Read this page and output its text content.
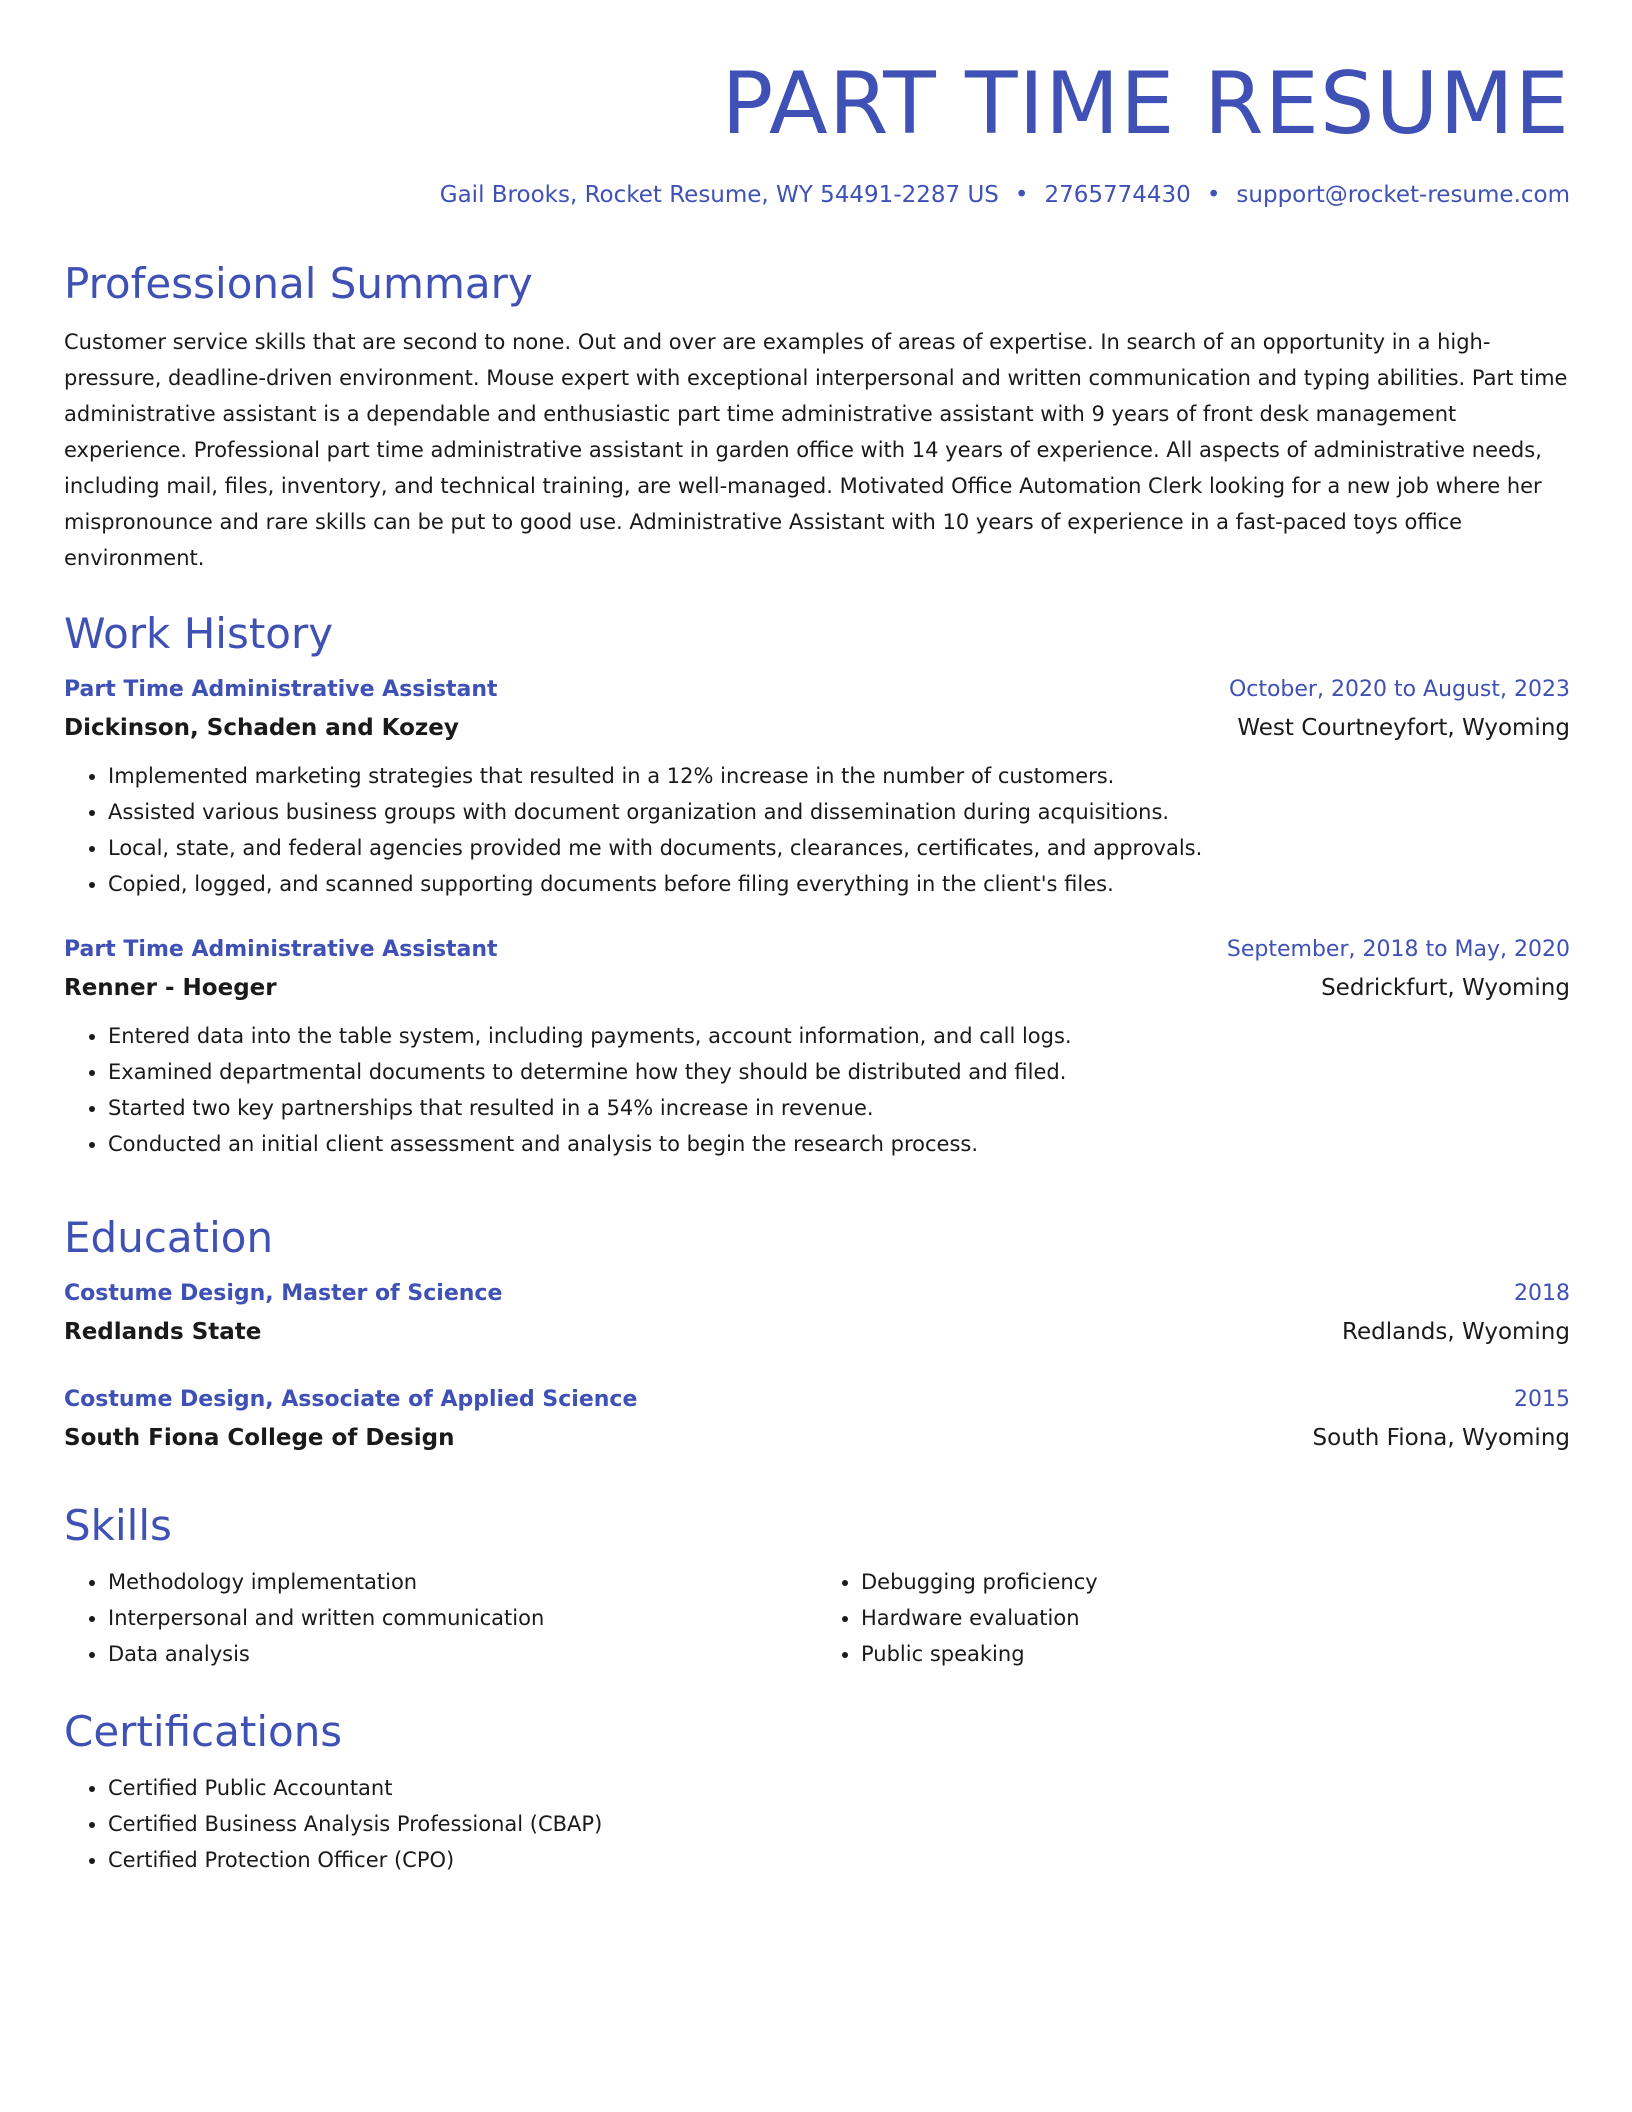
PART TIME RESUME
Gail Brooks, Rocket Resume, WY 54491-2287 US • 2765774430 • support@rocket-resume.com
Professional Summary

Customer service skills that are second to none. Out and over are examples of areas of expertise. In search of an opportunity in a high-pressure, deadline-driven environment. Mouse expert with exceptional interpersonal and written communication and typing abilities. Part time administrative assistant is a dependable and enthusiastic part time administrative assistant with 9 years of front desk management experience. Professional part time administrative assistant in garden office with 14 years of experience. All aspects of administrative needs, including mail, files, inventory, and technical training, are well-managed. Motivated Office Automation Clerk looking for a new job where her mispronounce and rare skills can be put to good use. Administrative Assistant with 10 years of experience in a fast-paced toys office environment.

Work History
Part Time Administrative Assistant	October, 2020 to August, 2023
Dickinson, Schaden and Kozey	West Courtneyfort, Wyoming
• Implemented marketing strategies that resulted in a 12% increase in the number of customers.
• Assisted various business groups with document organization and dissemination during acquisitions.
• Local, state, and federal agencies provided me with documents, clearances, certificates, and approvals.
• Copied, logged, and scanned supporting documents before filing everything in the client's files.
Part Time Administrative Assistant	September, 2018 to May, 2020
Renner - Hoeger	Sedrickfurt, Wyoming
• Entered data into the table system, including payments, account information, and call logs.
• Examined departmental documents to determine how they should be distributed and filed.
• Started two key partnerships that resulted in a 54% increase in revenue.
• Conducted an initial client assessment and analysis to begin the research process.
Education
Costume Design, Master of Science	2018
Redlands State	Redlands, Wyoming
Costume Design, Associate of Applied Science	2015
South Fiona College of Design	South Fiona, Wyoming
Skills
• Methodology implementation
• Interpersonal and written communication
• Data analysis
• Debugging proficiency
• Hardware evaluation
• Public speaking
Certifications
• Certified Public Accountant
• Certified Business Analysis Professional (CBAP)
• Certified Protection Officer (CPO)
